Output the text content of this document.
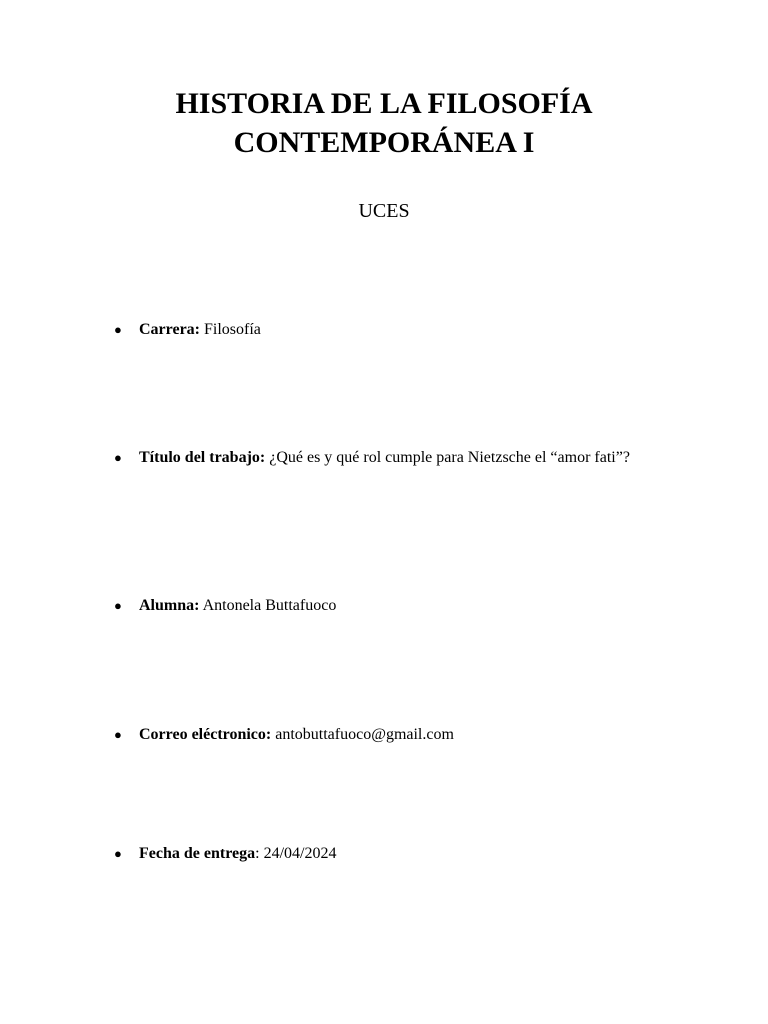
HISTORIA DE LA FILOSOFÍA
CONTEMPORÁNEA I
UCES
● Carrera: Filosofía
● Título del trabajo: ¿Qué es y qué rol cumple para Nietzsche el “amor fati”?
● Alumna: Antonela Buttafuoco
● Correo eléctronico: antobuttafuoco@gmail.com
● Fecha de entrega: 24/04/2024
